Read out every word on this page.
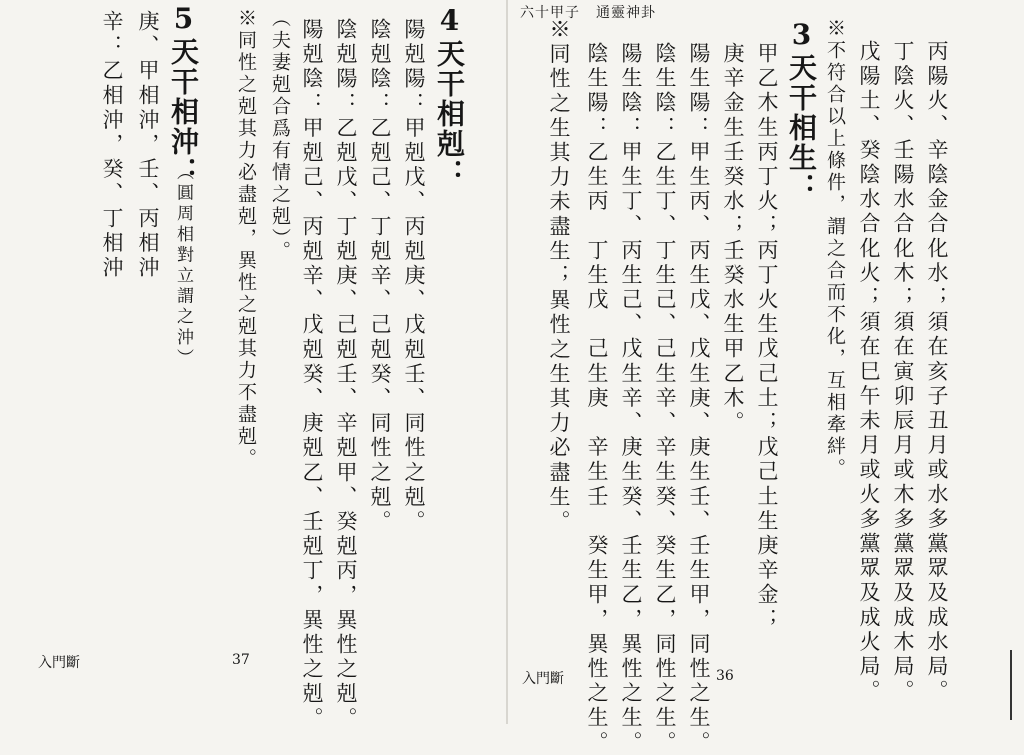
辛：乙相沖，癸、丁相沖 庚、甲相沖，壬、丙相沖 5天干相沖：
（圓周相對立謂之沖）	※同性之剋其力必盡剋，異性之剋其力不盡剋。 （夫妻剋合爲有情之剋）。 陽剋陰：甲剋己、丙剋辛、戊剋癸、庚剋乙、壬剋丁，異性之剋。 陰剋陽：乙剋戊、丁剋庚、己剋壬、辛剋甲、癸剋丙，異性之剋。 陰剋陰：乙剋己、丁剋辛、己剋癸、同性之剋。 陽剋陽：甲剋戊、丙剋庚、戊剋壬、同性之剋。 4天干相剋：
入門斷	37
六十甲子 通靈神卦
※同性之生其力未盡生；異性之生其力必盡生。 陰生陽：乙生丙　丁生戊　己生庚　辛生壬　癸生甲，異性之生。 陽生陰：甲生丁、丙生己、戊生辛、庚生癸、壬生乙，異性之生。 陰生陰：乙生丁、丁生己、己生辛、辛生癸、癸生乙，同性之生。 陽生陽：甲生丙、丙生戊、戊生庚、庚生壬、壬生甲，同性之生。 庚辛金生壬癸水；壬癸水生甲乙木。 甲乙木生丙丁火；丙丁火生戊己土；戊己土生庚辛金； 3天干相生： ※不符合以上條件，謂之合而不化，互相牽絆。 戊陽土、癸陰水合化火；須在巳午未月或火多黨眾及成火局。 丁陰火、壬陽水合化木；須在寅卯辰月或木多黨眾及成木局。 丙陽火、辛陰金合化水；須在亥子丑月或水多黨眾及成水局。
入門斷	36
